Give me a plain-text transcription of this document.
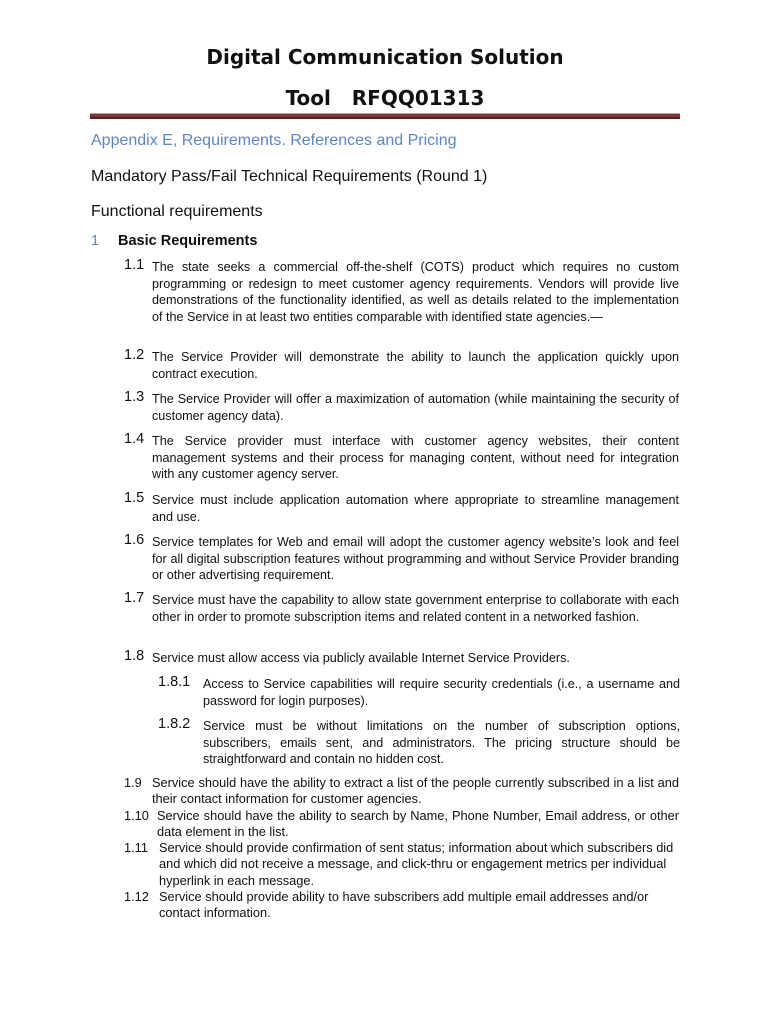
Digital Communication Solution
Tool   RFQQ01313
Appendix E, Requirements. References and Pricing
Mandatory Pass/Fail Technical Requirements (Round 1)
Functional requirements
1 Basic Requirements
1.1 The state seeks a commercial off-the-shelf (COTS) product which requires no custom programming or redesign to meet customer agency requirements. Vendors will provide live demonstrations of the functionality identified, as well as details related to the implementation of the Service in at least two entities comparable with identified state agencies.—
1.2 The Service Provider will demonstrate the ability to launch the application quickly upon contract execution.
1.3 The Service Provider will offer a maximization of automation (while maintaining the security of customer agency data).
1.4 The Service provider must interface with customer agency websites, their content management systems and their process for managing content, without need for integration with any customer agency server.
1.5 Service must include application automation where appropriate to streamline management and use.
1.6 Service templates for Web and email will adopt the customer agency website’s look and feel for all digital subscription features without programming and without Service Provider branding or other advertising requirement.
1.7 Service must have the capability to allow state government enterprise to collaborate with each other in order to promote subscription items and related content in a networked fashion.
1.8 Service must allow access via publicly available Internet Service Providers.
1.8.1 Access to Service capabilities will require security credentials (i.e., a username and password for login purposes).
1.8.2 Service must be without limitations on the number of subscription options, subscribers, emails sent, and administrators. The pricing structure should be straightforward and contain no hidden cost.
1.9 Service should have the ability to extract a list of the people currently subscribed in a list and their contact information for customer agencies.
1.10 Service should have the ability to search by Name, Phone Number, Email address, or other data element in the list.
1.11 Service should provide confirmation of sent status; information about which subscribers did and which did not receive a message, and click-thru or engagement metrics per individual hyperlink in each message.
1.12 Service should provide ability to have subscribers add multiple email addresses and/or contact information.
